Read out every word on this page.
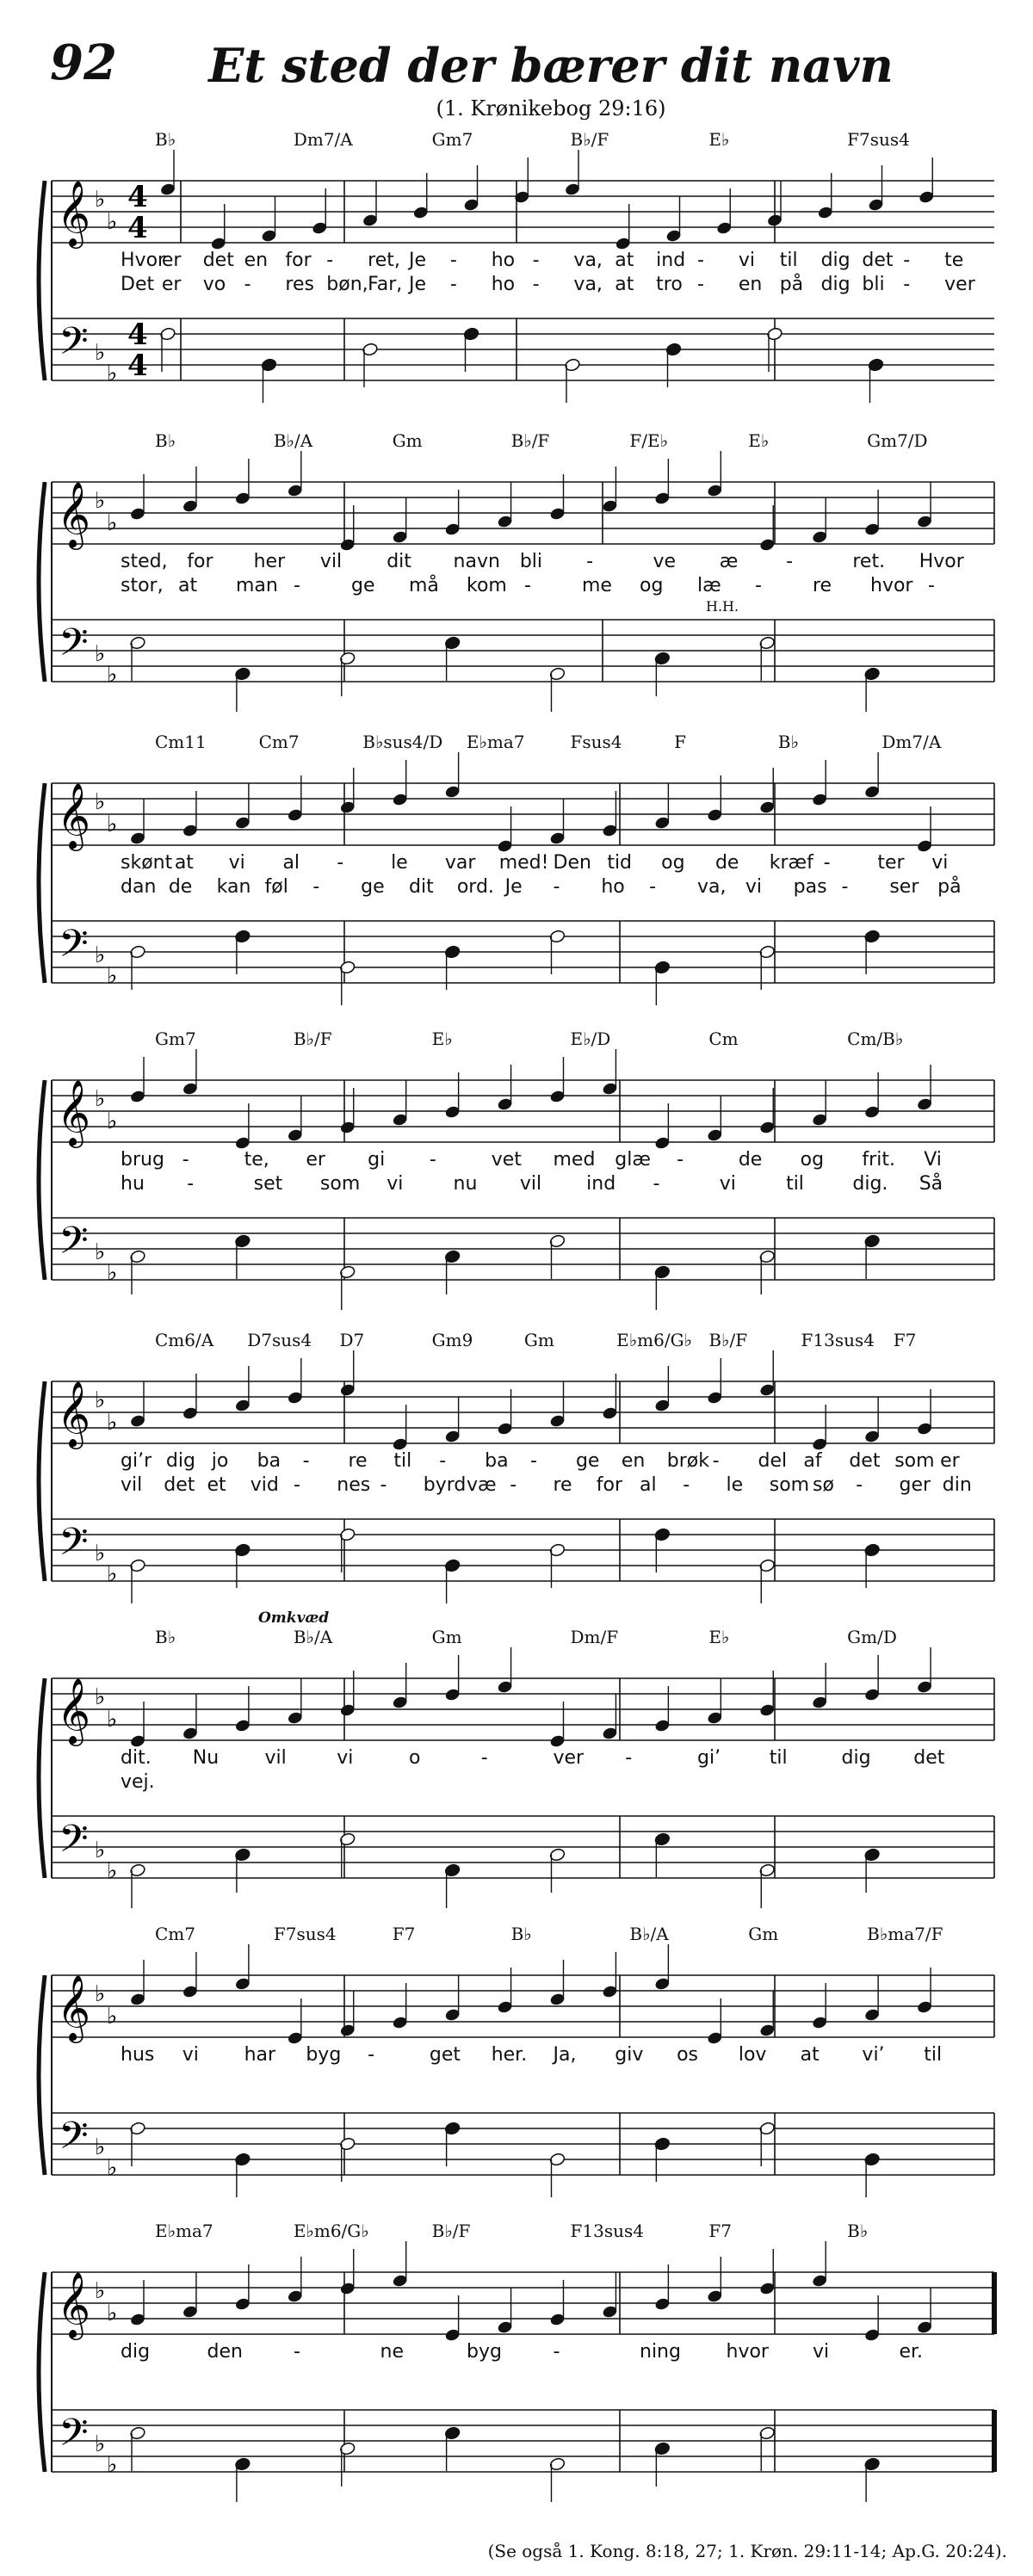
92 Et sted der bærer dit navn
(1. Krønikebog 29:16)
𝄞
𝄢
♭
♭
♭
♭
4
4
4
4
B♭	Dm7/A	Gm7	B♭/F	E♭	F7sus4
Hvor
er det en for - ret, Je - ho - va, at ind - vi til dig det - te
Det er vo - res bøn, Far, Je - ho - va, at tro - en på dig bli - ver
𝄞
𝄢
♭
♭
♭
♭
B♭	B♭/A	Gm	B♭/F	F/E♭	E♭	Gm7/D
sted, for her vil dit navn bli -	ve æ	-	ret. Hvor
stor, at man -	ge må kom -	me og læ -	re hvor -
H.H.
𝄞
𝄢
♭
♭
♭
♭
Cm11	Cm7	B♭sus4/D E♭ma7	Fsus4	F	B♭	Dm7/A
skønt at vi al - le var med! Den tid og de kræf - ter vi
dan de kan føl - ge dit ord. Je - ho - va, vi pas - ser på
𝄞
𝄢
♭
♭
♭
♭
Gm7	B♭/F	E♭	E♭/D	Cm	Cm/B♭
brug -	te, er gi -	vet med glæ -	de og frit. Vi
hu -	set som vi	nu vil ind -	vi	til	dig. Så
𝄞
𝄢
♭
♭
♭
♭
Cm6/A D7sus4 D7	Gm9	Gm	E♭m6/G♭ B♭/F	F13sus4 F7
gi’r dig jo ba - re til - ba - ge en brøk - del af det som er
vil det et vid - nes - byrd væ - re for al - le som sø - ger din
𝄞
𝄢
♭
♭
♭
♭
B♭	B♭/A	Gm	Dm/F	E♭	Gm/D
dit. Nu vil	vi	o	-	ver -	gi’	til	dig det
vej.
Omkvæd
𝄞
𝄢
♭
♭
♭
♭
Cm7	F7sus4	F7	B♭	B♭/A	Gm	B♭ma7/F
hus vi har byg -	get her. Ja, giv os lov at vi’ til
𝄞
𝄢
♭
♭
♭
♭
E♭ma7	E♭m6/G♭	B♭/F	F13sus4	F7	B♭
dig	den	-	ne	byg	-	ning hvor vi	er.
(Se også 1. Kong. 8:18, 27; 1. Krøn. 29:11-14; Ap.G. 20:24).
